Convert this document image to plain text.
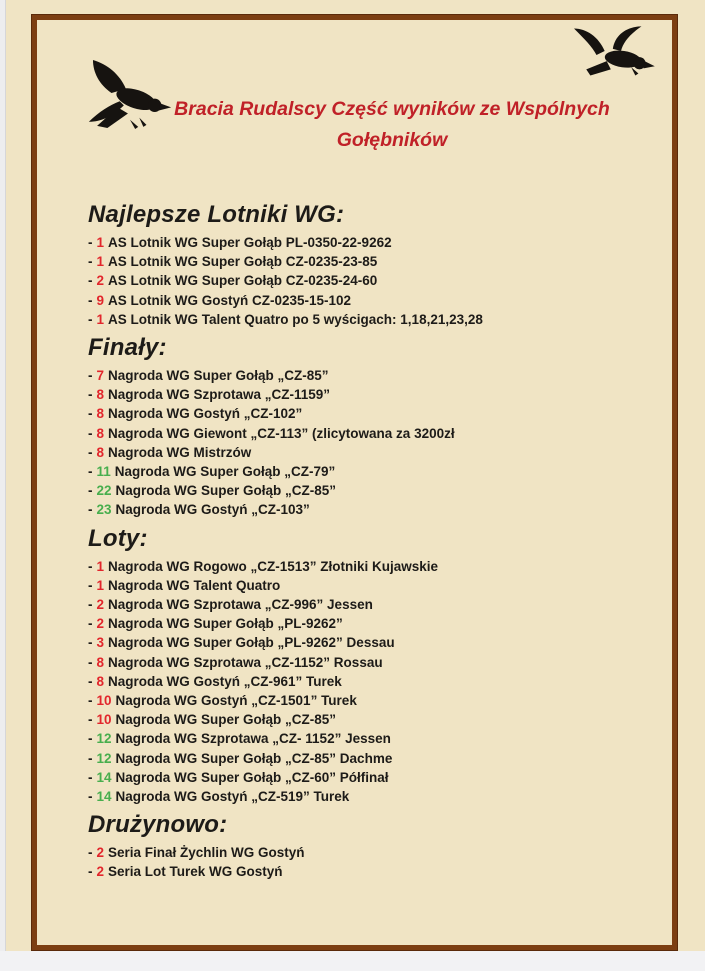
Bracia Rudalscy Część wyników ze Wspólnych Gołębników
Najlepsze Lotniki WG:
- 1 AS Lotnik WG Super Gołąb PL-0350-22-9262
- 1 AS Lotnik WG Super Gołąb CZ-0235-23-85
- 2 AS Lotnik WG Super Gołąb CZ-0235-24-60
- 9 AS Lotnik WG Gostyń CZ-0235-15-102
- 1 AS Lotnik WG Talent Quatro po 5 wyścigach: 1,18,21,23,28
Finały:
- 7 Nagroda WG Super Gołąb „CZ-85”
- 8 Nagroda WG Szprotawa „CZ-1159”
- 8 Nagroda WG Gostyń „CZ-102”
- 8 Nagroda WG Giewont „CZ-113” (zlicytowana za 3200zł
- 8 Nagroda WG Mistrzów
- 11 Nagroda WG Super Gołąb „CZ-79”
- 22 Nagroda WG Super Gołąb „CZ-85”
- 23 Nagroda WG Gostyń „CZ-103”
Loty:
- 1 Nagroda WG Rogowo „CZ-1513” Złotniki Kujawskie
- 1 Nagroda WG Talent Quatro
- 2 Nagroda WG Szprotawa „CZ-996” Jessen
- 2 Nagroda WG Super Gołąb „PL-9262”
- 3 Nagroda WG Super Gołąb „PL-9262” Dessau
- 8 Nagroda WG Szprotawa „CZ-1152” Rossau
- 8 Nagroda WG Gostyń „CZ-961” Turek
- 10 Nagroda WG Gostyń „CZ-1501” Turek
- 10 Nagroda WG Super Gołąb „CZ-85”
- 12 Nagroda WG Szprotawa „CZ- 1152” Jessen
- 12 Nagroda WG Super Gołąb „CZ-85” Dachme
- 14 Nagroda WG Super Gołąb „CZ-60” Półfinał
- 14 Nagroda WG Gostyń „CZ-519” Turek
Drużynowo:
- 2 Seria Finał Żychlin WG Gostyń
- 2 Seria Lot Turek WG Gostyń
